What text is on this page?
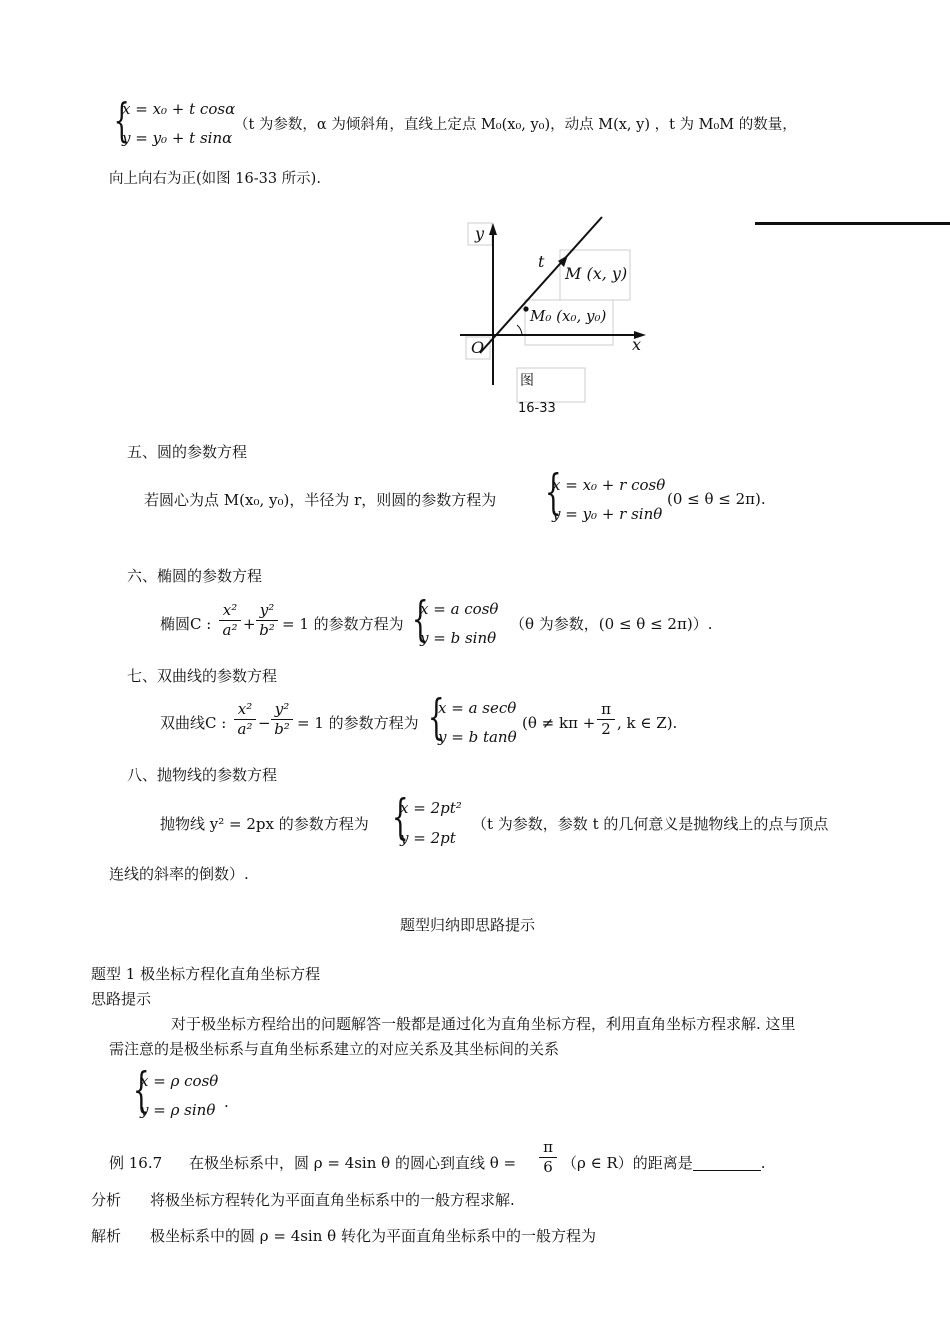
{
x = x₀ + t cosα
y = y₀ + t sinα
（t 为参数，α 为倾斜角，直线上定点 M₀(x₀, y₀)，动点 M(x, y) ，t 为 M₀M 的数量，
向上向右为正(如图 16-33 所示).
y
t
M (x, y)
M₀ (x₀, y₀)
O	x
图
16-33
五、圆的参数方程
若圆心为点 M(x₀, y₀)，半径为 r，则圆的参数方程为 {
x = x₀ + r cosθ
y = y₀ + r sinθ
(0 ≤ θ ≤ 2π).
六、椭圆的参数方程
椭圆C :
x²
a² +
y²
b² = 1 的参数方程为 {
x = a cosθ
y = b sinθ
（θ 为参数，(0 ≤ θ ≤ 2π)）.
七、双曲线的参数方程
双曲线C :
x²
a² −
y²
b² = 1 的参数方程为 {
x = a secθ
y = b tanθ
(θ ≠ kπ +
π
2 , k ∈ Z).
八、抛物线的参数方程
抛物线 y² = 2px 的参数方程为 {
x = 2pt²
y = 2pt
（t 为参数，参数 t 的几何意义是抛物线上的点与顶点
连线的斜率的倒数）.
题型归纳即思路提示
题型 1 极坐标方程化直角坐标方程
思路提示
对于极坐标方程给出的问题解答一般都是通过化为直角坐标方程，利用直角坐标方程求解. 这里
需注意的是极坐标系与直角坐标系建立的对应关系及其坐标间的关系
{
x = ρ cosθ
y = ρ sinθ .
例 16.7 在极坐标系中，圆 ρ = 4sin θ 的圆心到直线 θ =
π
6 （ρ ∈ R）的距离是	.
分析 将极坐标方程转化为平面直角坐标系中的一般方程求解.
解析 极坐标系中的圆 ρ = 4sin θ 转化为平面直角坐标系中的一般方程为
